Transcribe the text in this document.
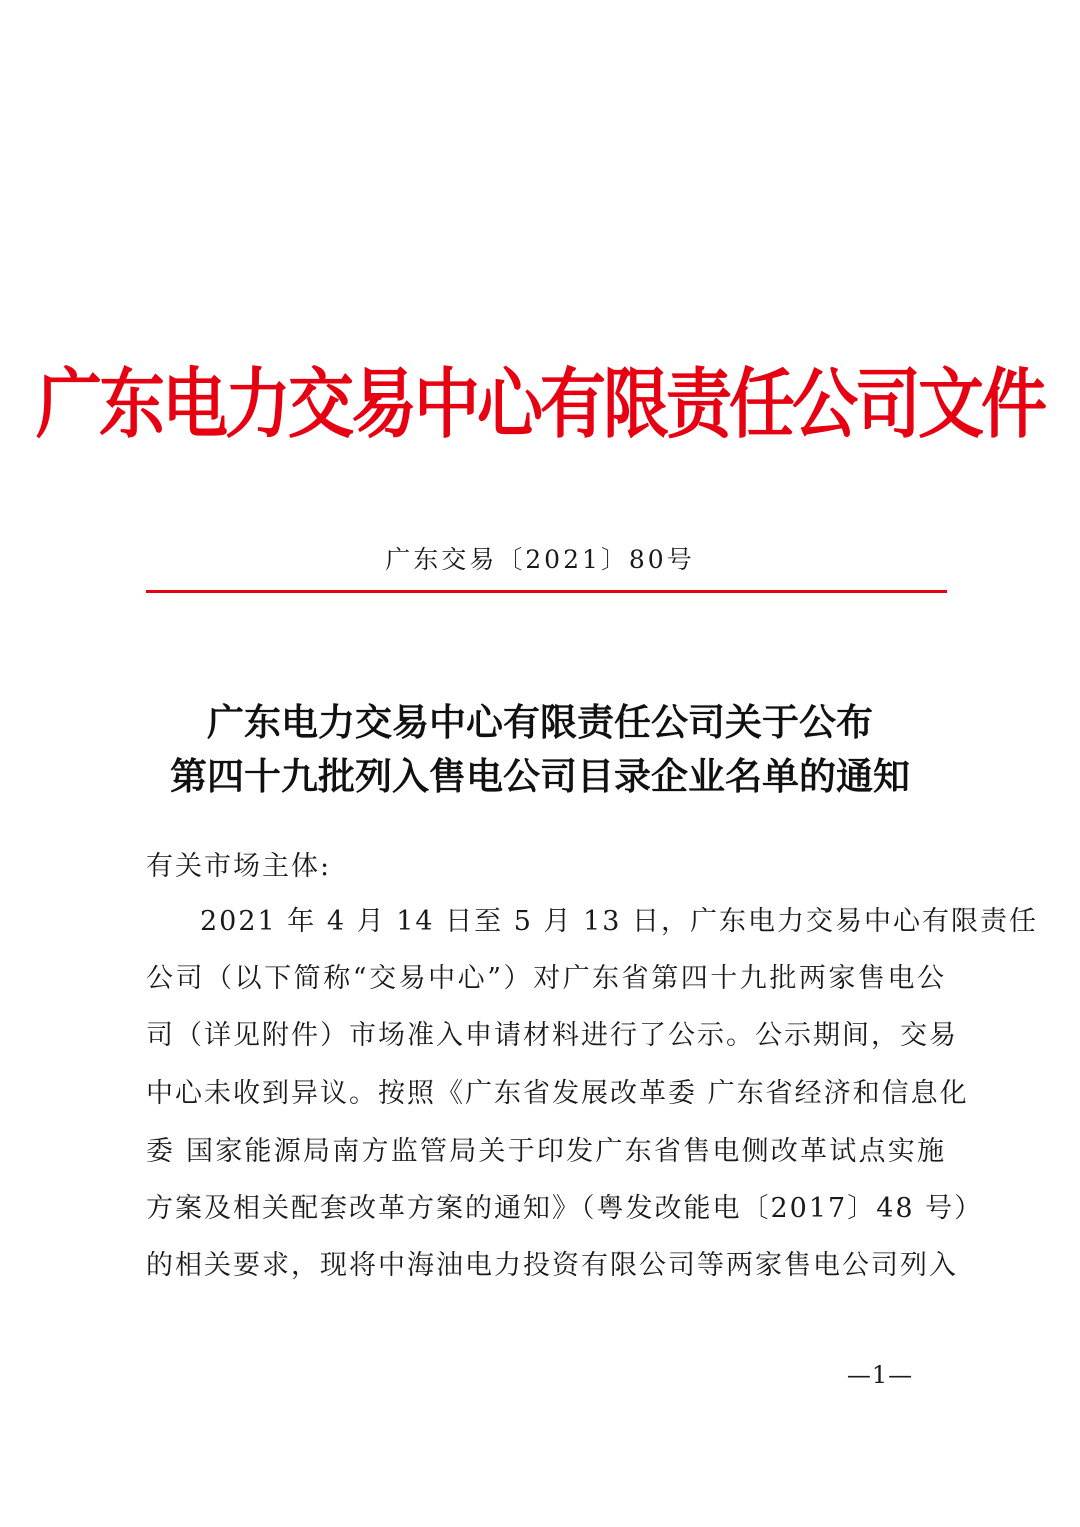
广东电力交易中心有限责任公司文件
广东交易〔2021〕80号
广东电力交易中心有限责任公司关于公布
第四十九批列入售电公司目录企业名单的通知
有关市场主体:
2021 年 4 月 14 日至 5 月 13 日，广东电力交易中心有限责任
公司（以下简称“交易中心”）对广东省第四十九批两家售电公
司（详见附件）市场准入申请材料进行了公示。公示期间，交易
中心未收到异议。按照《广东省发展改革委 广东省经济和信息化
委 国家能源局南方监管局关于印发广东省售电侧改革试点实施
方案及相关配套改革方案的通知》（粤发改能电〔2017〕48 号）
的相关要求，现将中海油电力投资有限公司等两家售电公司列入
—1—
